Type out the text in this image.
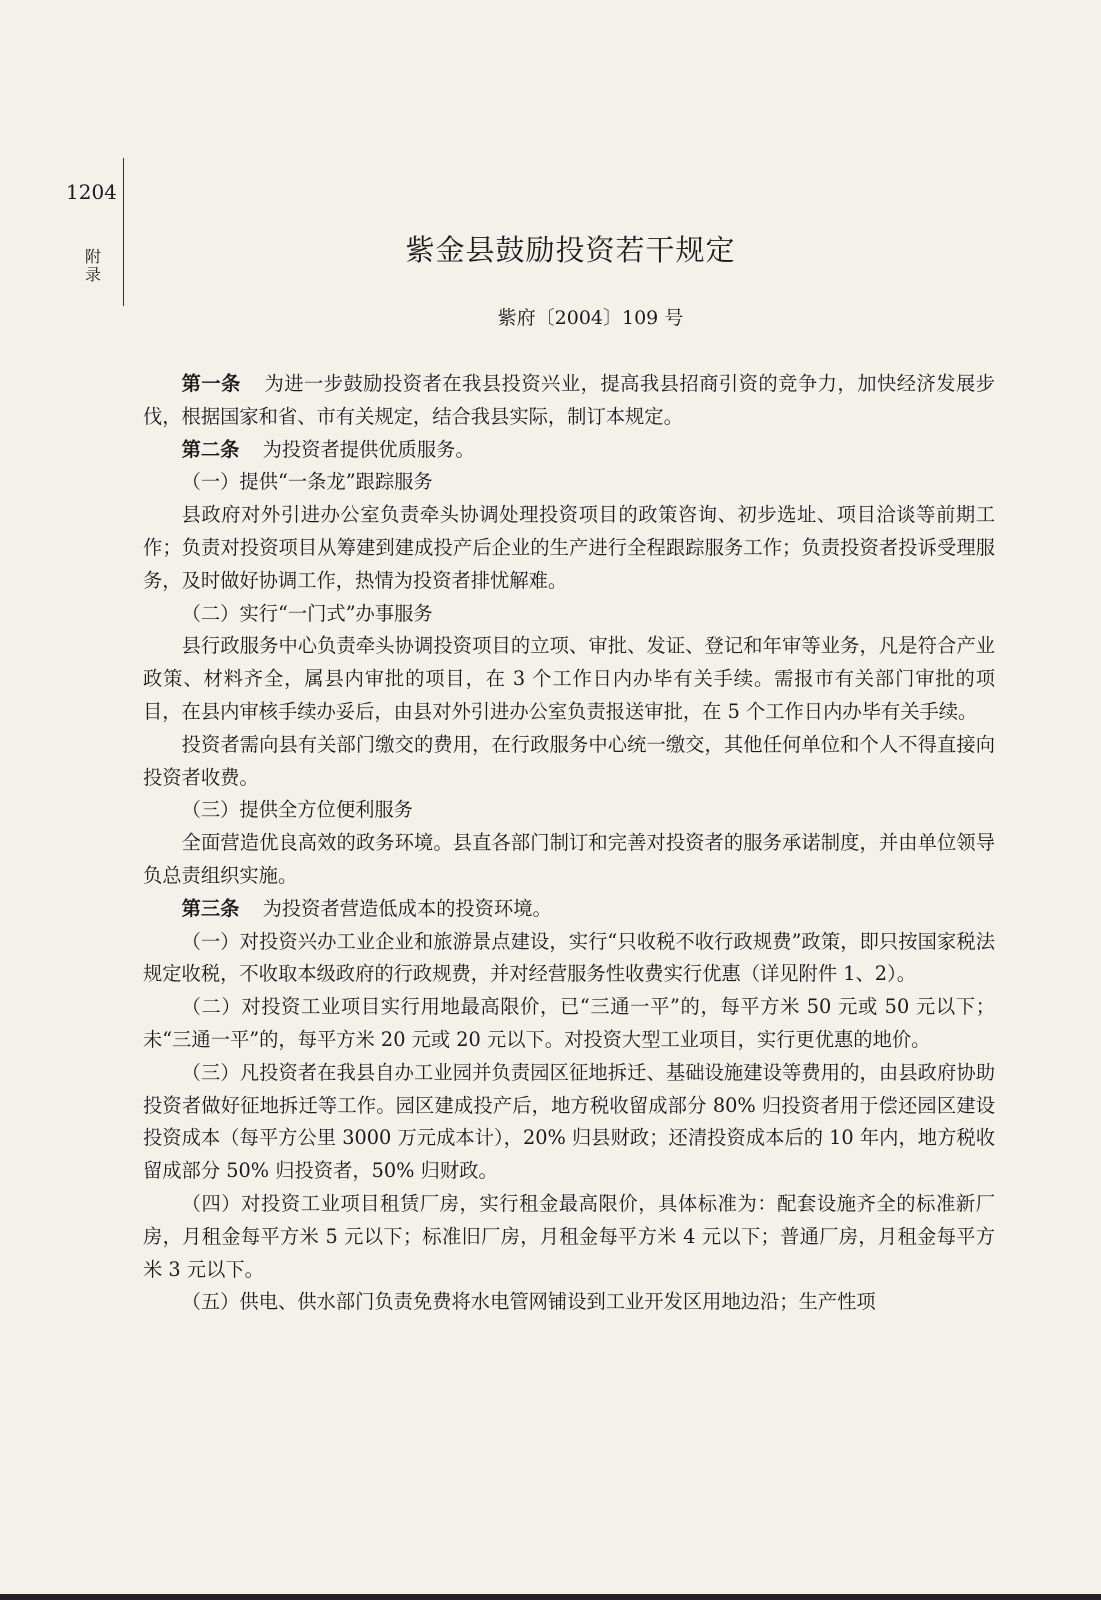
1204
附录
紫金县鼓励投资若干规定
紫府〔2004〕109 号

第一条 为进一步鼓励投资者在我县投资兴业，提高我县招商引资的竞争力，加快经济发展步伐，根据国家和省、市有关规定，结合我县实际，制订本规定。

第二条 为投资者提供优质服务。

（一）提供“一条龙”跟踪服务

县政府对外引进办公室负责牵头协调处理投资项目的政策咨询、初步选址、项目洽谈等前期工作；负责对投资项目从筹建到建成投产后企业的生产进行全程跟踪服务工作；负责投资者投诉受理服务，及时做好协调工作，热情为投资者排忧解难。

（二）实行“一门式”办事服务

县行政服务中心负责牵头协调投资项目的立项、审批、发证、登记和年审等业务，凡是符合产业政策、材料齐全，属县内审批的项目，在 3 个工作日内办毕有关手续。需报市有关部门审批的项目，在县内审核手续办妥后，由县对外引进办公室负责报送审批，在 5 个工作日内办毕有关手续。

投资者需向县有关部门缴交的费用，在行政服务中心统一缴交，其他任何单位和个人不得直接向投资者收费。

（三）提供全方位便利服务

全面营造优良高效的政务环境。县直各部门制订和完善对投资者的服务承诺制度，并由单位领导负总责组织实施。

第三条 为投资者营造低成本的投资环境。

（一）对投资兴办工业企业和旅游景点建设，实行“只收税不收行政规费”政策，即只按国家税法规定收税，不收取本级政府的行政规费，并对经营服务性收费实行优惠（详见附件 1、2）。

（二）对投资工业项目实行用地最高限价，已“三通一平”的，每平方米 50 元或 50 元以下；未“三通一平”的，每平方米 20 元或 20 元以下。对投资大型工业项目，实行更优惠的地价。

（三）凡投资者在我县自办工业园并负责园区征地拆迁、基础设施建设等费用的，由县政府协助投资者做好征地拆迁等工作。园区建成投产后，地方税收留成部分 80% 归投资者用于偿还园区建设投资成本（每平方公里 3000 万元成本计），20% 归县财政；还清投资成本后的 10 年内，地方税收留成部分 50% 归投资者，50% 归财政。

（四）对投资工业项目租赁厂房，实行租金最高限价，具体标准为：配套设施齐全的标准新厂房，月租金每平方米 5 元以下；标准旧厂房，月租金每平方米 4 元以下；普通厂房，月租金每平方米 3 元以下。

（五）供电、供水部门负责免费将水电管网铺设到工业开发区用地边沿；生产性项
